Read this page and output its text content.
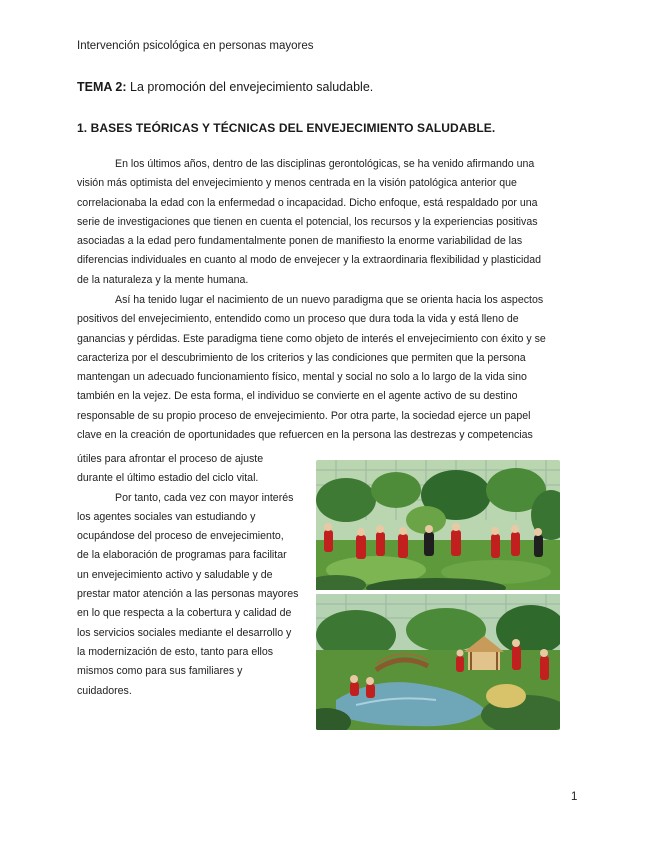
Intervención psicológica en personas mayores
TEMA 2: La promoción del envejecimiento saludable.
1. BASES TEÓRICAS Y TÉCNICAS DEL ENVEJECIMIENTO SALUDABLE.
En los últimos años, dentro de las disciplinas gerontológicas, se ha venido afirmando una
visión más optimista del envejecimiento y menos centrada en la visión patológica anterior que
correlacionaba la edad con la enfermedad o incapacidad. Dicho enfoque, está respaldado por una
serie de investigaciones que tienen en cuenta el potencial, los recursos y la experiencias positivas
asociadas a la edad pero fundamentalmente ponen de manifiesto la enorme variabilidad de las
diferencias individuales en cuanto al modo de envejecer y la extraordinaria flexibilidad y plasticidad
de la naturaleza y la mente humana.
Así ha tenido lugar el nacimiento de un nuevo paradigma que se orienta hacia los aspectos
positivos del envejecimiento, entendido como un proceso que dura toda la vida y está lleno de
ganancias y pérdidas. Este paradigma tiene como objeto de interés el envejecimiento con éxito y se
caracteriza por el descubrimiento de los criterios y las condiciones que permiten que la persona
mantengan un adecuado funcionamiento físico, mental y social no solo a lo largo de la vida sino
también en la vejez. De esta forma, el individuo se convierte en el agente activo de su destino
responsable de su propio proceso de envejecimiento. Por otra parte, la sociedad ejerce un papel
clave en la creación de oportunidades que refuercen en la persona las destrezas y competencias
útiles para afrontar el proceso de ajuste
durante el último estadio del ciclo vital.
Por tanto, cada vez con mayor interés
los agentes sociales van estudiando y
ocupándose del proceso de envejecimiento,
de la elaboración de programas para facilitar
un envejecimiento activo y saludable y de
prestar mator atención a las personas mayores
en lo que respecta a la cobertura y calidad de
los servicios sociales mediante el desarrollo y
la modernización de esto, tanto para ellos
mismos como para sus familiares y
cuidadores.
1
